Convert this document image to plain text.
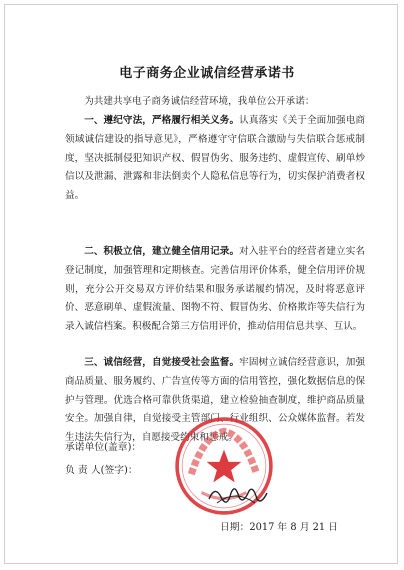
电子商务企业诚信经营承诺书

为共建共享电子商务诚信经营环境，我单位公开承诺：

一、遵纪守法，严格履行相关义务。认真落实《关于全面加强电商领域诚信建设的指导意见》，严格遵守守信联合激励与失信联合惩戒制度，坚决抵制侵犯知识产权、假冒伪劣、服务违约、虚假宣传、刷单炒信以及泄漏、泄露和非法倒卖个人隐私信息等行为，切实保护消费者权益。

二、积极立信，建立健全信用记录。对入驻平台的经营者建立实名登记制度，加强管理和定期核查。完善信用评价体系，健全信用评价规则，充分公开交易双方评价结果和服务承诺履约情况，及时将恶意评价、恶意刷单、虚假流量、图物不符、假冒伪劣、价格欺诈等失信行为录入诚信档案。积极配合第三方信用评价，推动信用信息共享、互认。

三、诚信经营，自觉接受社会监督。牢固树立诚信经营意识，加强商品质量、服务履约、广告宣传等方面的信用管控，强化数据信息的保护与管理。优选合格可靠供货渠道，建立检验抽查制度，维护商品质量安全。加强自律，自觉接受主管部门、行业组织、公众媒体监督。若发生违法失信行为，自愿接受约束和惩戒。

承诺单位(盖章)：
负 责 人(签字)：
日期：2017 年 8 月 21 日
